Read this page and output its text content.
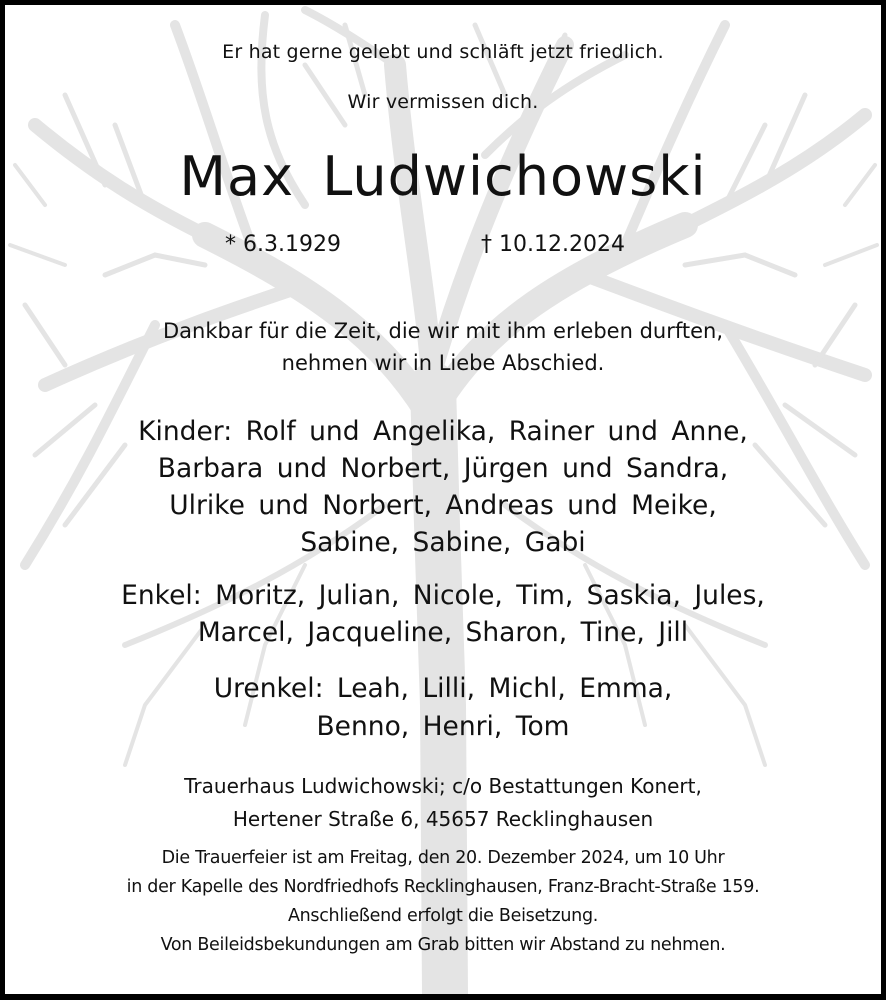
Er hat gerne gelebt und schläft jetzt friedlich.
Wir vermissen dich.
Max Ludwichowski
* 6.3.1929	† 10.12.2024
Dankbar für die Zeit, die wir mit ihm erleben durften,
nehmen wir in Liebe Abschied.
Kinder: Rolf und Angelika, Rainer und Anne,
Barbara und Norbert, Jürgen und Sandra,
Ulrike und Norbert, Andreas und Meike,
Sabine, Sabine, Gabi
Enkel: Moritz, Julian, Nicole, Tim, Saskia, Jules,
Marcel, Jacqueline, Sharon, Tine, Jill
Urenkel: Leah, Lilli, Michl, Emma,
Benno, Henri, Tom
Trauerhaus Ludwichowski; c/o Bestattungen Konert,
Hertener Straße 6, 45657 Recklinghausen
Die Trauerfeier ist am Freitag, den 20. Dezember 2024, um 10 Uhr
in der Kapelle des Nordfriedhofs Recklinghausen, Franz-Bracht-Straße 159.
Anschließend erfolgt die Beisetzung.
Von Beileidsbekundungen am Grab bitten wir Abstand zu nehmen.
